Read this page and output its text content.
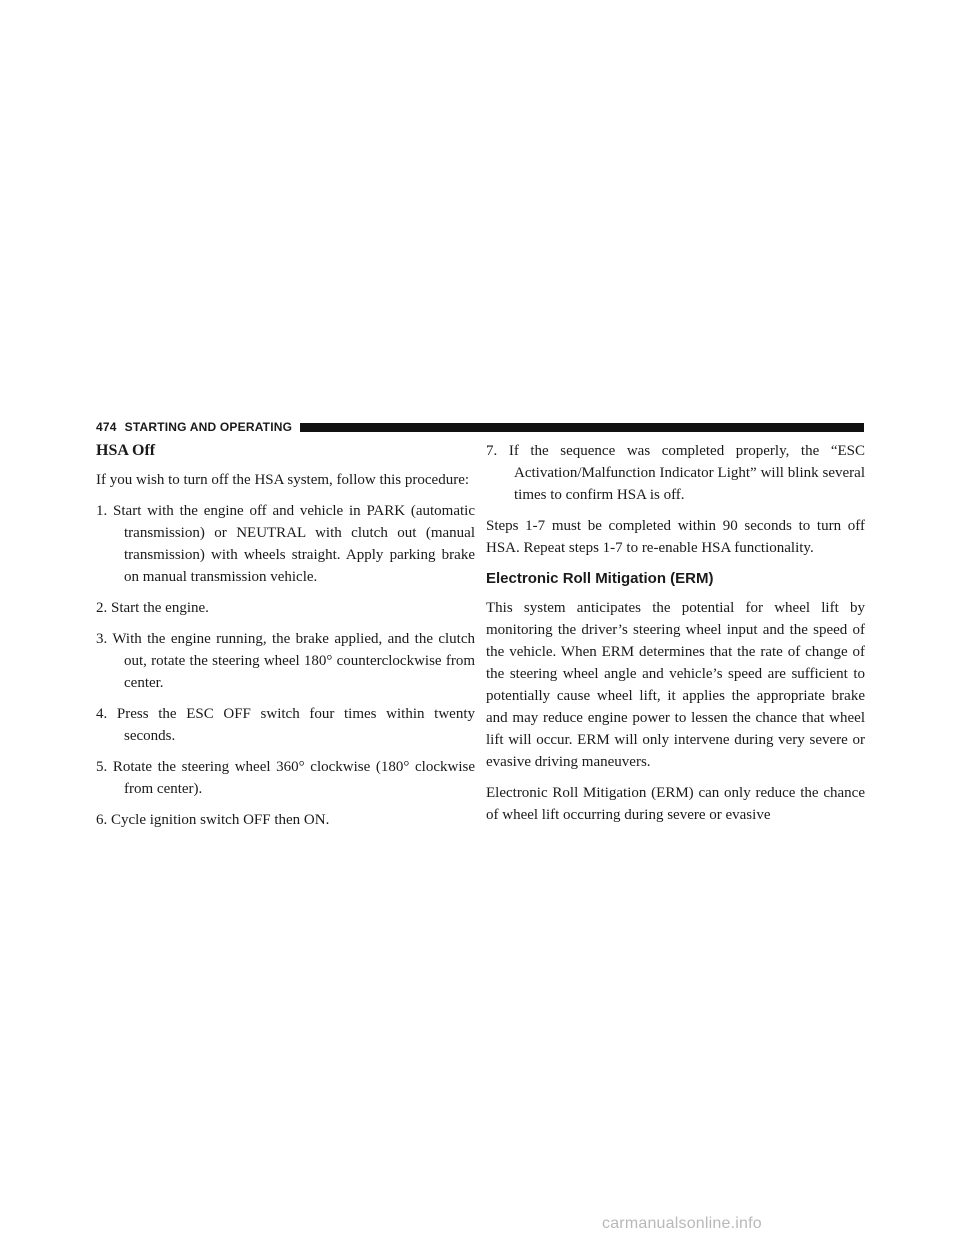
474 STARTING AND OPERATING
HSA Off

If you wish to turn off the HSA system, follow this procedure:

1. Start with the engine off and vehicle in PARK (automatic transmission) or NEUTRAL with clutch out (manual transmission) with wheels straight. Apply parking brake on manual transmission vehicle.

2. Start the engine.

3. With the engine running, the brake applied, and the clutch out, rotate the steering wheel 180° counterclockwise from center.

4. Press the ESC OFF switch four times within twenty seconds.

5. Rotate the steering wheel 360° clockwise (180° clockwise from center).

6. Cycle ignition switch OFF then ON.

7. If the sequence was completed properly, the “ESC Activation/Malfunction Indicator Light” will blink several times to confirm HSA is off.

Steps 1-7 must be completed within 90 seconds to turn off HSA. Repeat steps 1-7 to re-enable HSA functionality.

Electronic Roll Mitigation (ERM)

This system anticipates the potential for wheel lift by monitoring the driver’s steering wheel input and the speed of the vehicle. When ERM determines that the rate of change of the steering wheel angle and vehicle’s speed are sufficient to potentially cause wheel lift, it applies the appropriate brake and may reduce engine power to lessen the chance that wheel lift will occur. ERM will only intervene during very severe or evasive driving maneuvers.

Electronic Roll Mitigation (ERM) can only reduce the chance of wheel lift occurring during severe or evasive

carmanualsonline.info
